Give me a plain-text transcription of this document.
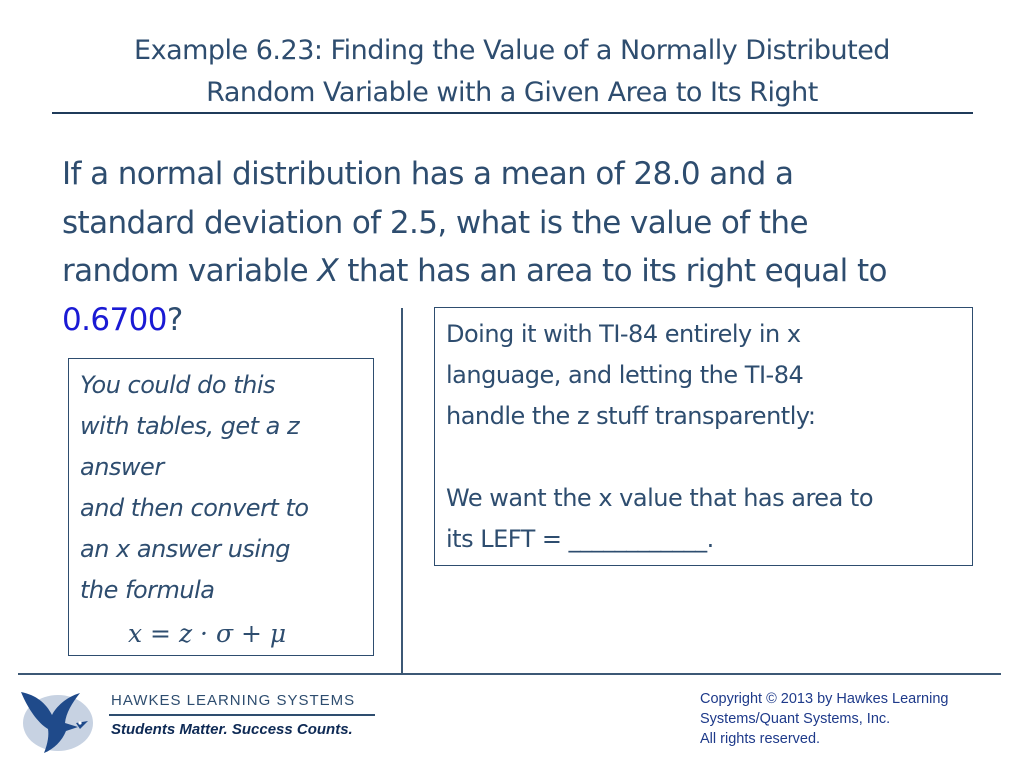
Example 6.23: Finding the Value of a Normally Distributed
Random Variable with a Given Area to Its Right
If a normal distribution has a mean of 28.0 and a
standard deviation of 2.5, what is the value of the
random variable X that has an area to its right equal to
0.6700?
You could do this
with tables, get a z
answer
and then convert to
an x answer using
the formula
𝑥 = 𝑧 · 𝜎 + 𝜇
Doing it with TI-84 entirely in x
language, and letting the TI-84
handle the z stuff transparently:
We want the x value that has area to
its LEFT = ____________.
HAWKES LEARNING SYSTEMS
Students Matter. Success Counts.
Copyright © 2013 by Hawkes Learning
Systems/Quant Systems, Inc.
All rights reserved.
